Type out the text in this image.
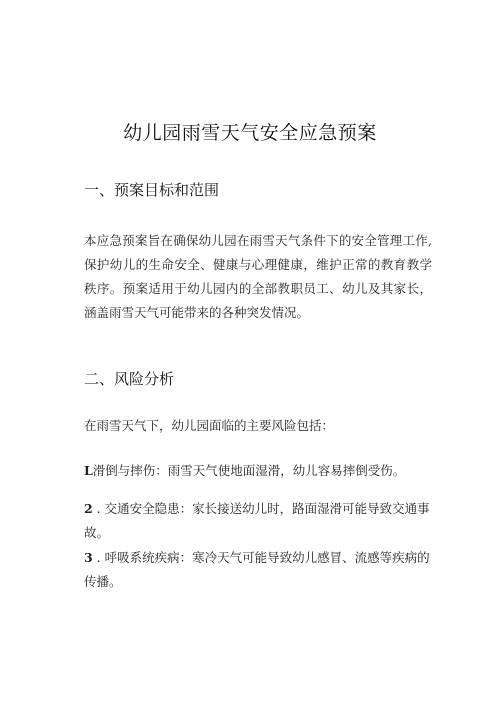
幼儿园雨雪天气安全应急预案
一、预案目标和范围

本应急预案旨在确保幼儿园在雨雪天气条件下的安全管理工作,保护幼儿的生命安全、健康与心理健康，维护正常的教育教学秩序。预案适用于幼儿园内的全部教职员工、幼儿及其家长，涵盖雨雪天气可能带来的各种突发情况。

二、风险分析

在雨雪天气下，幼儿园面临的主要风险包括：

L滑倒与摔伤：雨雪天气使地面湿滑，幼儿容易摔倒受伤。

2 . 交通安全隐患：家长接送幼儿时，路面湿滑可能导致交通事故。

3 . 呼吸系统疾病：寒冷天气可能导致幼儿感冒、流感等疾病的传播。
